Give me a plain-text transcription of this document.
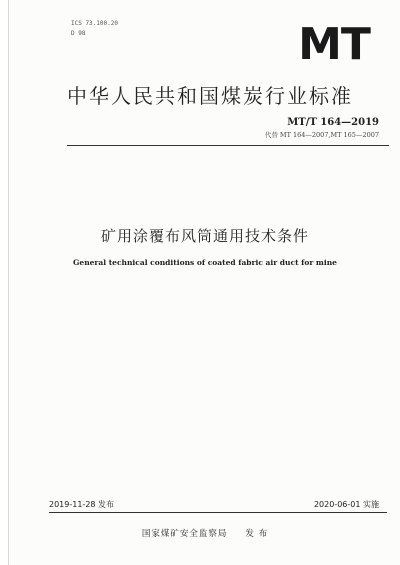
ICS 73.100.20
D 98	MT
中华人民共和国煤炭行业标准
MT/T 164—2019
代替 MT 164—2007,MT 165—2007
矿用涂覆布风筒通用技术条件
General technical conditions of coated fabric air duct for mine
2019-11-28 发布	2020-06-01 实施
国家煤矿安全监察局 发 布
